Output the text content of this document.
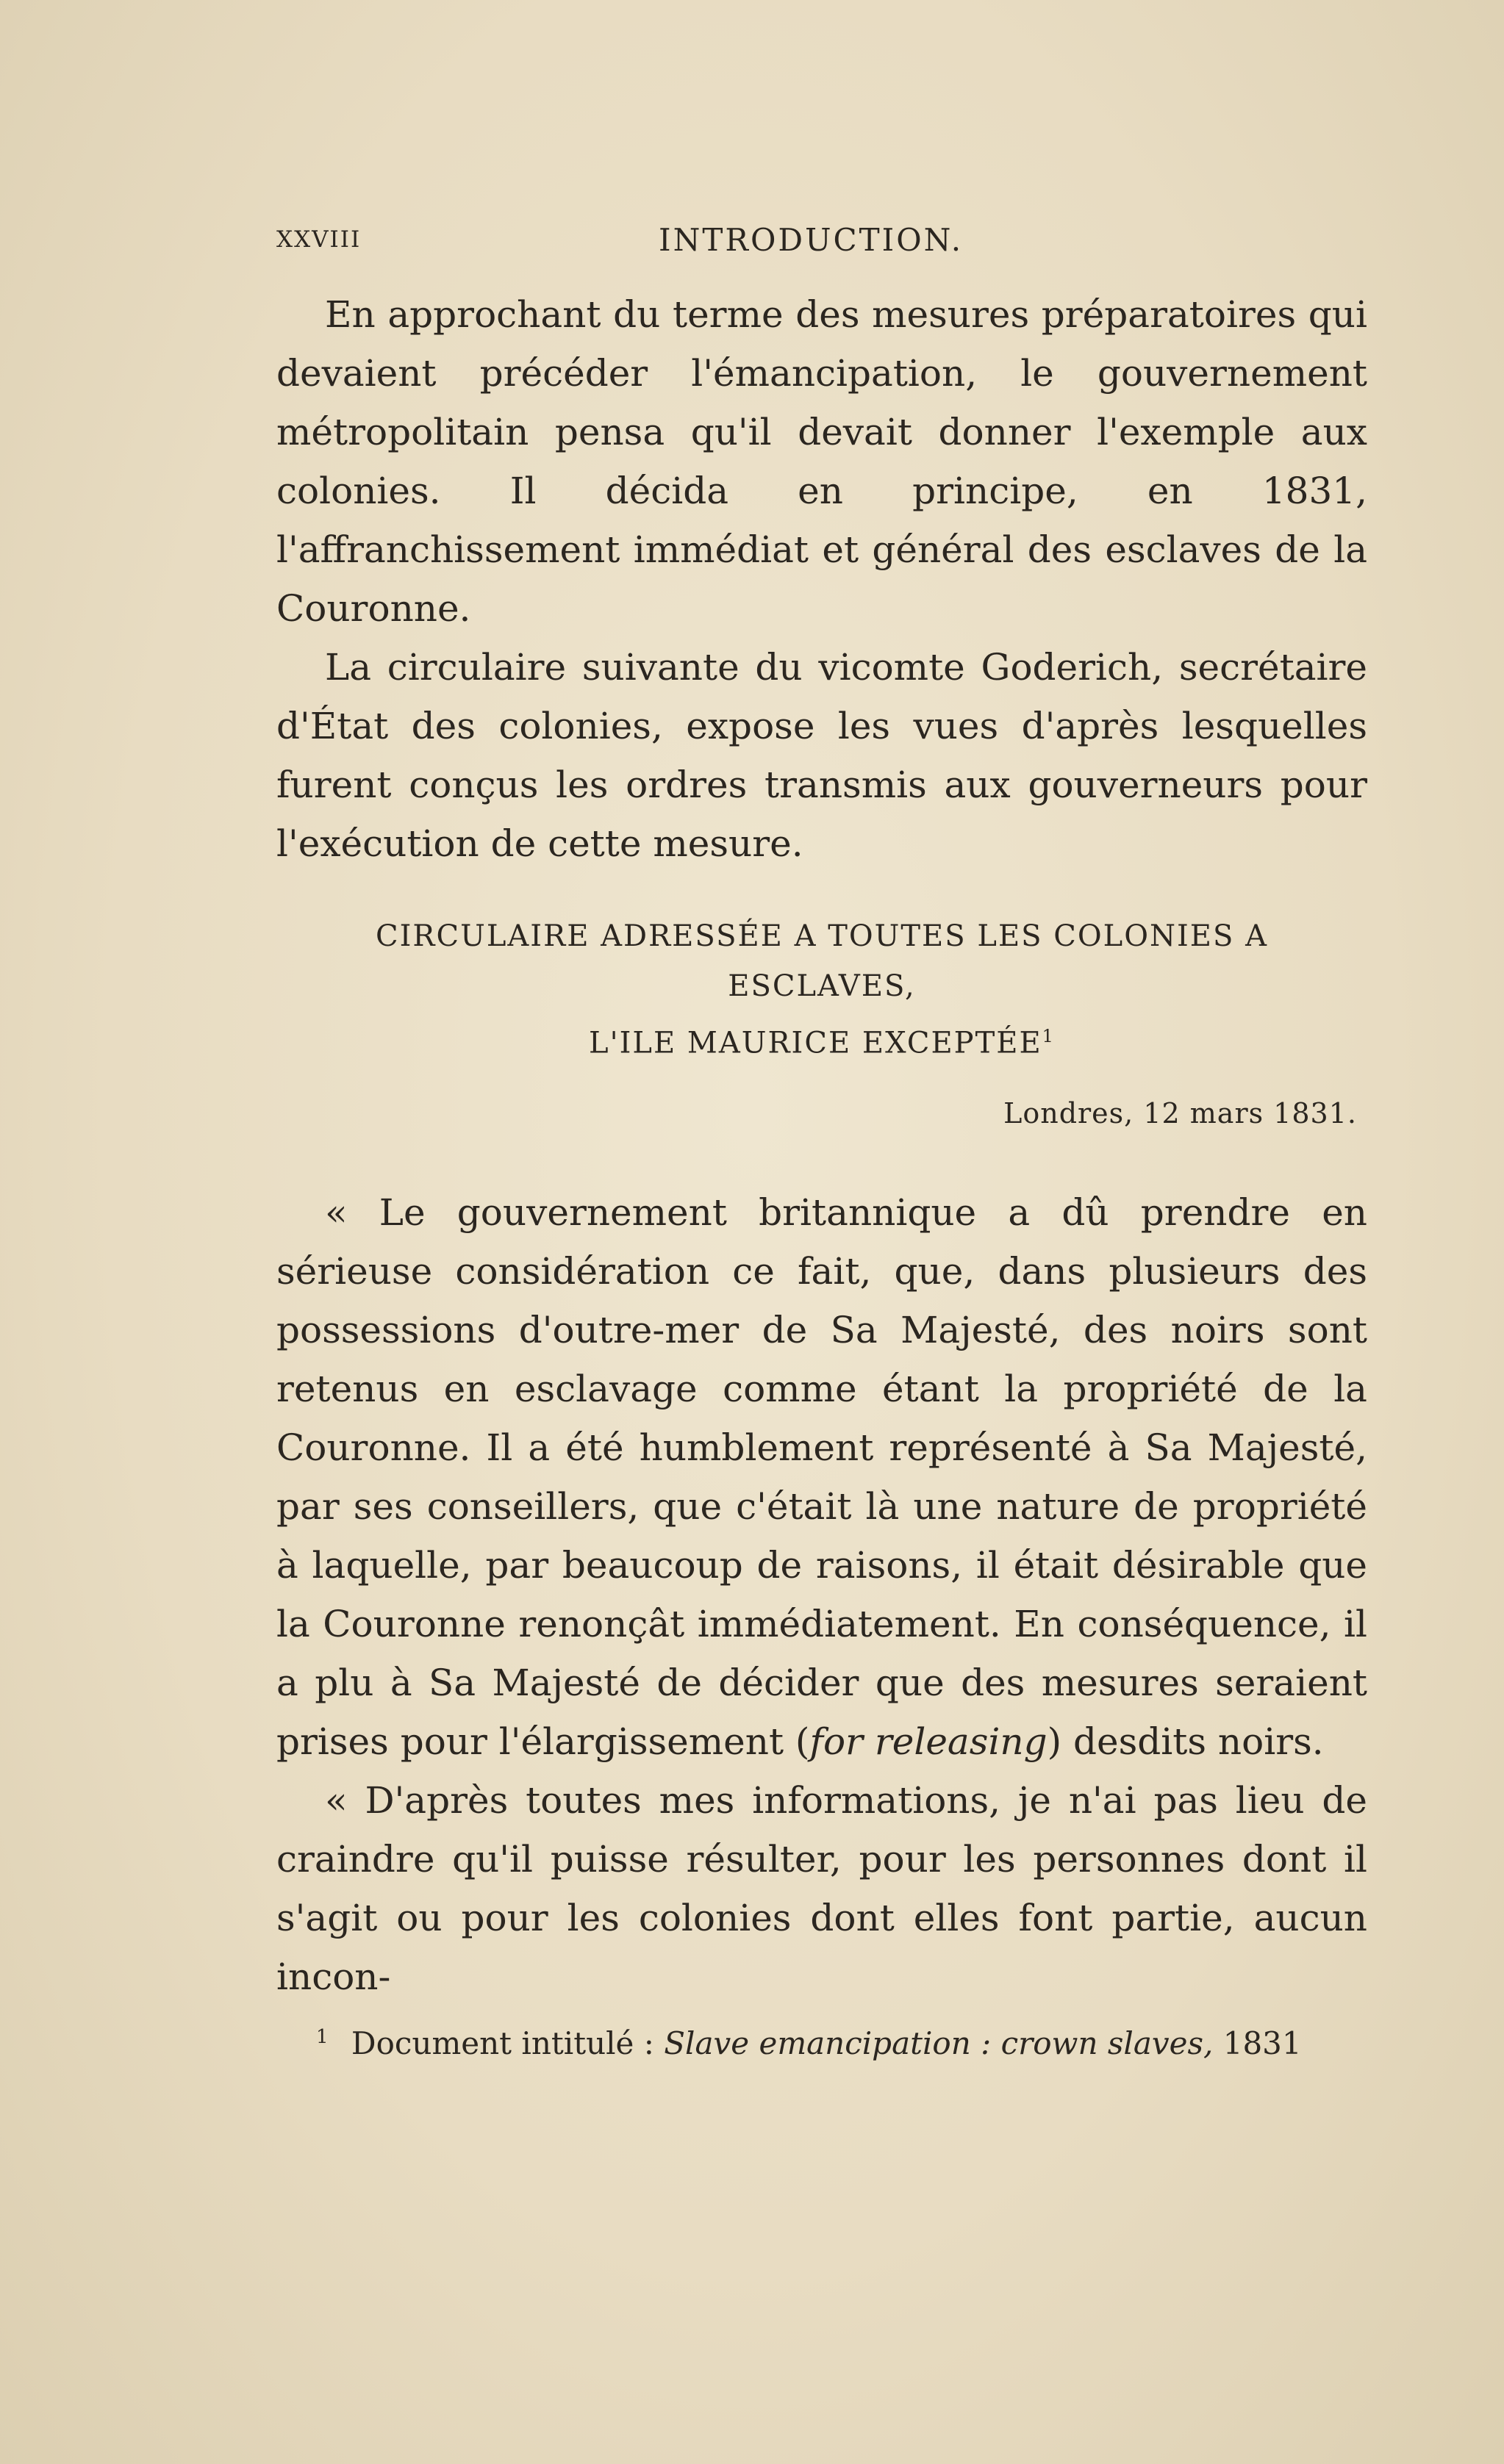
XXVIII	INTRODUCTION.

En approchant du terme des mesures préparatoires qui devaient précéder l'émancipation, le gouvernement métropolitain pensa qu'il devait donner l'exemple aux colonies. Il décida en principe, en 1831, l'affranchissement immédiat et général des esclaves de la Couronne.

La circulaire suivante du vicomte Goderich, secrétaire d'État des colonies, expose les vues d'après lesquelles furent conçus les ordres transmis aux gouverneurs pour l'exécution de cette mesure.

CIRCULAIRE ADRESSÉE A TOUTES LES COLONIES A ESCLAVES,
L'ILE MAURICE EXCEPTÉE$^1$
Londres, 12 mars 1831.

« Le gouvernement britannique a dû prendre en sérieuse considération ce fait, que, dans plusieurs des possessions d'outre-mer de Sa Majesté, des noirs sont retenus en esclavage comme étant la propriété de la Couronne. Il a été humblement représenté à Sa Majesté, par ses conseillers, que c'était là une nature de propriété à laquelle, par beaucoup de raisons, il était désirable que la Couronne renonçât immédiatement. En conséquence, il a plu à Sa Majesté de décider que des mesures seraient prises pour l'élargissement (for releasing) desdits noirs.

« D'après toutes mes informations, je n'ai pas lieu de craindre qu'il puisse résulter, pour les personnes dont il s'agit ou pour les colonies dont elles font partie, aucun incon-

$^1$ Document intitulé : Slave emancipation : crown slaves, 1831
